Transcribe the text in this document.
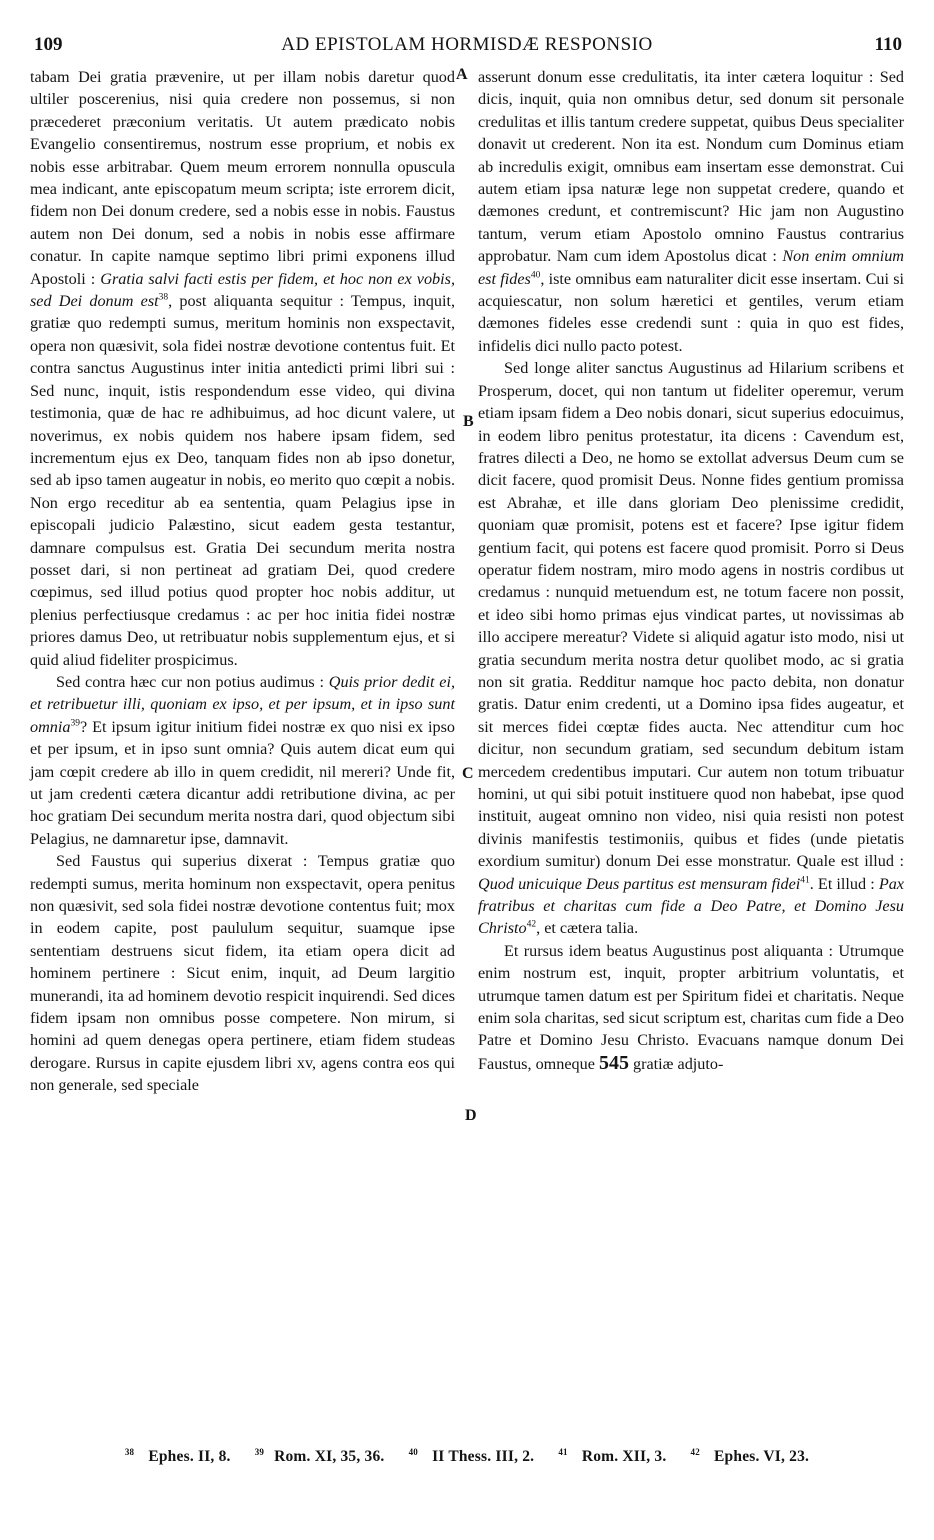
109	AD EPISTOLAM HORMISDÆ RESPONSIO	110
A
B
C
D

tabam Dei gratia prævenire, ut per illam nobis daretur quod ultiler poscerenius, nisi quia credere non possemus, si non præcederet præconium veritatis. Ut autem prædicato nobis Evangelio consentiremus, nostrum esse proprium, et nobis ex nobis esse arbitrabar. Quem meum errorem nonnulla opuscula mea indicant, ante episcopatum meum scripta; iste errorem dicit, fidem non Dei donum credere, sed a nobis esse in nobis. Faustus autem non Dei donum, sed a nobis in nobis esse affirmare conatur. In capite namque septimo libri primi exponens illud Apostoli : Gratia salvi facti estis per fidem, et hoc non ex vobis, sed Dei donum est$^{38}$, post aliquanta sequitur : Tempus, inquit, gratiæ quo redempti sumus, meritum hominis non exspectavit, opera non quæsivit, sola fidei nostræ devotione contentus fuit. Et contra sanctus Augustinus inter initia antedicti primi libri sui : Sed nunc, inquit, istis respondendum esse video, qui divina testimonia, quæ de hac re adhibuimus, ad hoc dicunt valere, ut noverimus, ex nobis quidem nos habere ipsam fidem, sed incrementum ejus ex Deo, tanquam fides non ab ipso donetur, sed ab ipso tamen augeatur in nobis, eo merito quo cœpit a nobis. Non ergo receditur ab ea sententia, quam Pelagius ipse in episcopali judicio Palæstino, sicut eadem gesta testantur, damnare compulsus est. Gratia Dei secundum merita nostra posset dari, si non pertineat ad gratiam Dei, quod credere cœpimus, sed illud potius quod propter hoc nobis additur, ut plenius perfectiusque credamus : ac per hoc initia fidei nostræ priores damus Deo, ut retribuatur nobis supplementum ejus, et si quid aliud fideliter prospicimus.

Sed contra hæc cur non potius audimus : Quis prior dedit ei, et retribuetur illi, quoniam ex ipso, et per ipsum, et in ipso sunt omnia$^{39}$? Et ipsum igitur initium fidei nostræ ex quo nisi ex ipso et per ipsum, et in ipso sunt omnia? Quis autem dicat eum qui jam cœpit credere ab illo in quem credidit, nil mereri? Unde fit, ut jam credenti cætera dicantur addi retributione divina, ac per hoc gratiam Dei secundum merita nostra dari, quod objectum sibi Pelagius, ne damnaretur ipse, damnavit.

Sed Faustus qui superius dixerat : Tempus gratiæ quo redempti sumus, merita hominum non exspectavit, opera penitus non quæsivit, sed sola fidei nostræ devotione contentus fuit; mox in eodem capite, post paululum sequitur, suamque ipse sententiam destruens sicut fidem, ita etiam opera dicit ad hominem pertinere : Sicut enim, inquit, ad Deum largitio munerandi, ita ad hominem devotio respicit inquirendi. Sed dices fidem ipsam non omnibus posse competere. Non mirum, si homini ad quem denegas opera pertinere, etiam fidem studeas derogare. Rursus in capite ejusdem libri xv, agens contra eos qui non generale, sed speciale

asserunt donum esse credulitatis, ita inter cætera loquitur : Sed dicis, inquit, quia non omnibus detur, sed donum sit personale credulitas et illis tantum credere suppetat, quibus Deus specialiter donavit ut crederent. Non ita est. Nondum cum Dominus etiam ab incredulis exigit, omnibus eam insertam esse demonstrat. Cui autem etiam ipsa naturæ lege non suppetat credere, quando et dæmones credunt, et contremiscunt? Hic jam non Augustino tantum, verum etiam Apostolo omnino Faustus contrarius approbatur. Nam cum idem Apostolus dicat : Non enim omnium est fides$^{40}$, iste omnibus eam naturaliter dicit esse insertam. Cui si acquiescatur, non solum hæretici et gentiles, verum etiam dæmones fideles esse credendi sunt : quia in quo est fides, infidelis dici nullo pacto potest.

Sed longe aliter sanctus Augustinus ad Hilarium scribens et Prosperum, docet, qui non tantum ut fideliter operemur, verum etiam ipsam fidem a Deo nobis donari, sicut superius edocuimus, in eodem libro penitus protestatur, ita dicens : Cavendum est, fratres dilecti a Deo, ne homo se extollat adversus Deum cum se dicit facere, quod promisit Deus. Nonne fides gentium promissa est Abrahæ, et ille dans gloriam Deo plenissime credidit, quoniam quæ promisit, potens est et facere? Ipse igitur fidem gentium facit, qui potens est facere quod promisit. Porro si Deus operatur fidem nostram, miro modo agens in nostris cordibus ut credamus : nunquid metuendum est, ne totum facere non possit, et ideo sibi homo primas ejus vindicat partes, ut novissimas ab illo accipere mereatur? Videte si aliquid agatur isto modo, nisi ut gratia secundum merita nostra detur quolibet modo, ac si gratia non sit gratia. Redditur namque hoc pacto debita, non donatur gratis. Datur enim credenti, ut a Domino ipsa fides augeatur, et sit merces fidei cœptæ fides aucta. Nec attenditur cum hoc dicitur, non secundum gratiam, sed secundum debitum istam mercedem credentibus imputari. Cur autem non totum tribuatur homini, ut qui sibi potuit instituere quod non habebat, ipse quod instituit, augeat omnino non video, nisi quia resisti non potest divinis manifestis testimoniis, quibus et fides (unde pietatis exordium sumitur) donum Dei esse monstratur. Quale est illud : Quod unicuique Deus partitus est mensuram fidei$^{41}$. Et illud : Pax fratribus et charitas cum fide a Deo Patre, et Domino Jesu Christo$^{42}$, et cætera talia.

Et rursus idem beatus Augustinus post aliquanta : Utrumque enim nostrum est, inquit, propter arbitrium voluntatis, et utrumque tamen datum est per Spiritum fidei et charitatis. Neque enim sola charitas, sed sicut scriptum est, charitas cum fide a Deo Patre et Domino Jesu Christo. Evacuans namque donum Dei Faustus, omneque 545 gratiæ adjuto-

$^{38}$ Ephes. II, 8.	$^{39}$ Rom. XI, 35, 36.	$^{40}$ II Thess. III, 2.	$^{41}$ Rom. XII, 3.	$^{42}$ Ephes. VI, 23.
